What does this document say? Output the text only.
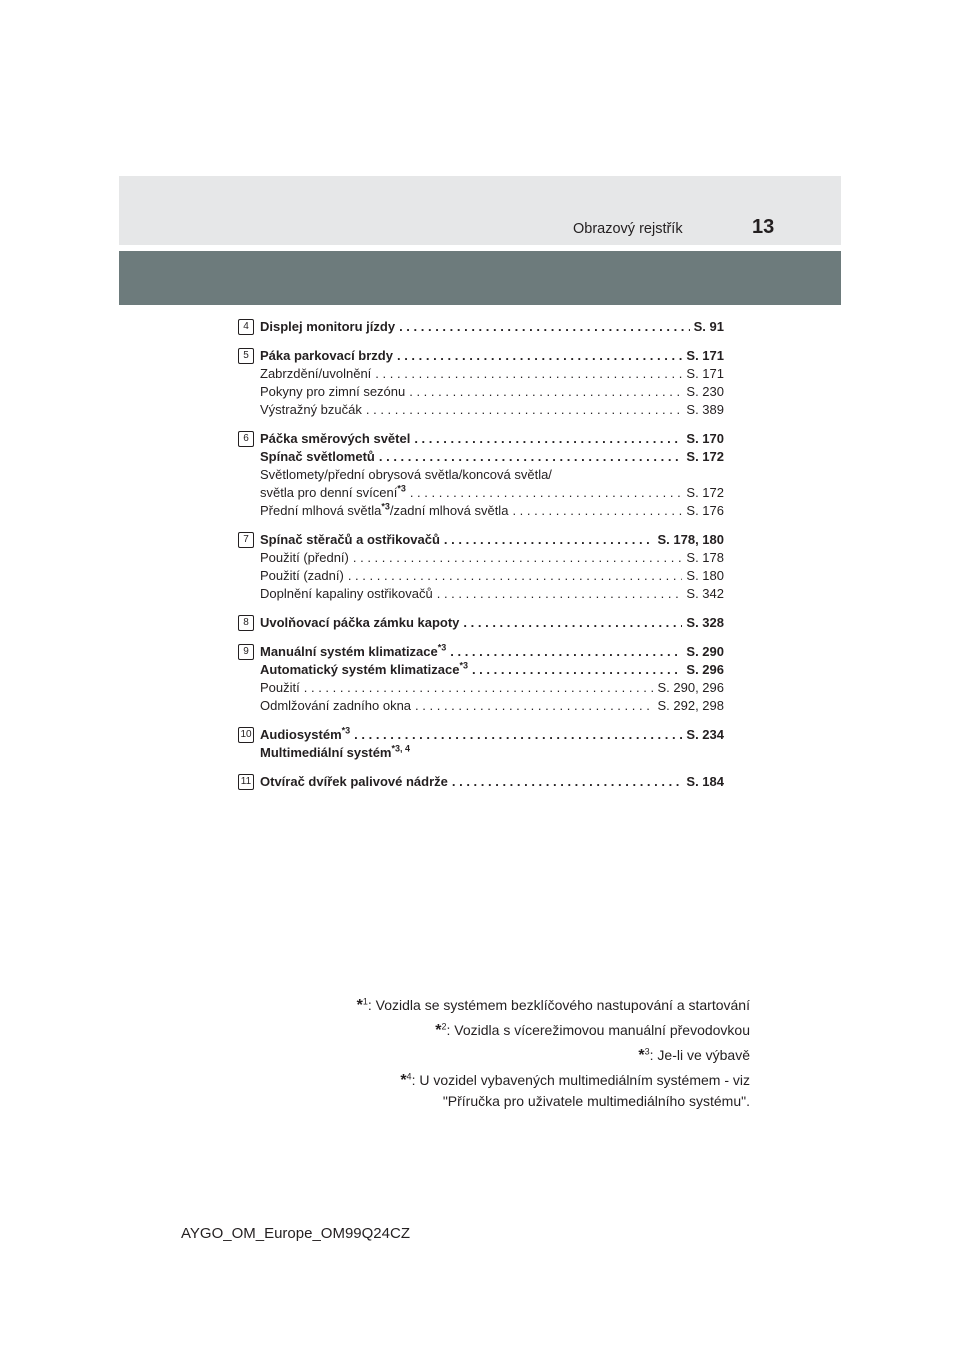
Obrazový rejstřík	13
4 Displej monitoru jízdy . . .	S. 91
5 Páka parkovací brzdy . . .	S. 171
Zabrzdění/uvolnění . . .	S. 171
Pokyny pro zimní sezónu . . .	S. 230
Výstražný bzučák . . .	S. 389
6 Páčka směrových světel . . .	S. 170
Spínač světlometů . . .	S. 172
Světlomety/přední obrysová světla/koncová světla/
světla pro denní svícení$^{*3}$ . . .	S. 172
Přední mlhová světla$^{*3}$/zadní mlhová světla . . .	S. 176
7 Spínač stěračů a ostřikovačů . . .	S. 178, 180
Použití (přední) . . .	S. 178
Použití (zadní) . . .	S. 180
Doplnění kapaliny ostřikovačů . . .	S. 342
8 Uvolňovací páčka zámku kapoty . . .	S. 328
9 Manuální systém klimatizace$^{*3}$ . . .	S. 290
Automatický systém klimatizace$^{*3}$ . . .	S. 296
Použití . . .	S. 290, 296
Odmlžování zadního okna . . .	S. 292, 298
10 Audiosystém$^{*3}$ . . .	S. 234
Multimediální systém$^{*3, 4}$
11 Otvírač dvířek palivové nádrže . . .	S. 184
*$^1$: Vozidla se systémem bezklíčového nastupování a startování
*$^2$: Vozidla s vícerežimovou manuální převodovkou
*$^3$: Je-li ve výbavě
*$^4$: U vozidel vybavených multimediálním systémem - viz
"Příručka pro uživatele multimediálního systému".
AYGO_OM_Europe_OM99Q24CZ
